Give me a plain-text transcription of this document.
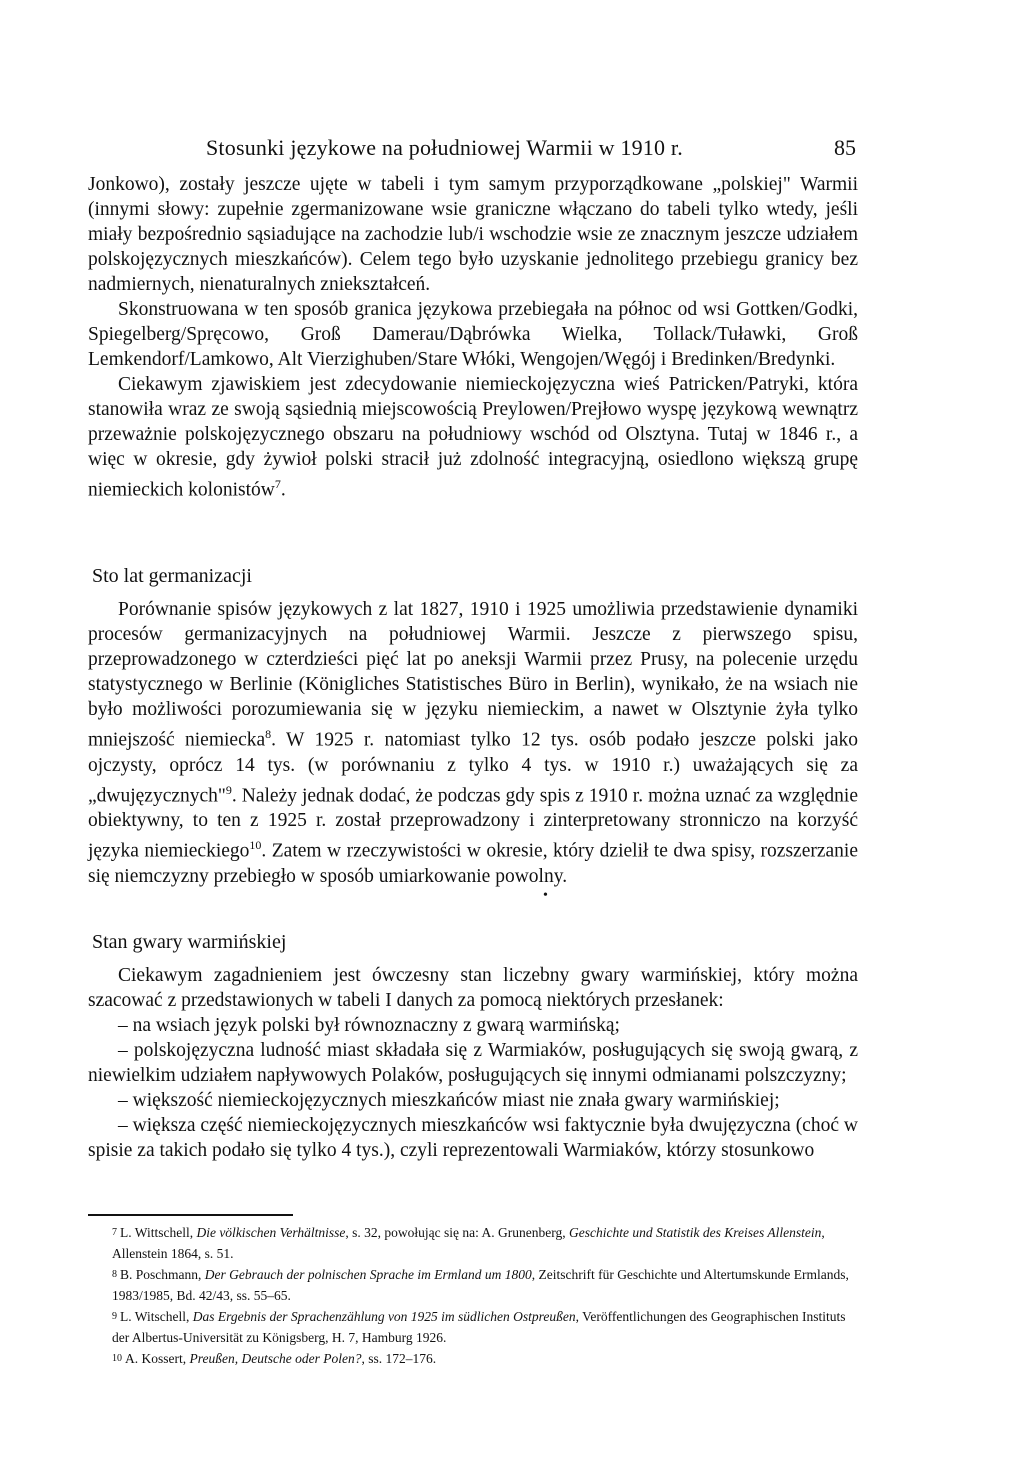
Stosunki językowe na południowej Warmii w 1910 r.	85

Jonkowo), zostały jeszcze ujęte w tabeli i tym samym przyporządkowane „polskiej" Warmii (innymi słowy: zupełnie zgermanizowane wsie graniczne włączano do tabeli tylko wtedy, jeśli miały bezpośrednio sąsiadujące na zachodzie lub/i wschodzie wsie ze znacznym jeszcze udziałem polskojęzycznych mieszkańców). Celem tego było uzyskanie jednolitego przebiegu granicy bez nadmiernych, nienaturalnych zniekształceń.

Skonstruowana w ten sposób granica językowa przebiegała na północ od wsi Gottken/Godki, Spiegelberg/Spręcowo, Groß Damerau/Dąbrówka Wielka, Tollack/Tuławki, Groß Lemkendorf/Lamkowo, Alt Vierzighuben/Stare Włóki, Wengojen/Węgój i Bredinken/Bredynki.

Ciekawym zjawiskiem jest zdecydowanie niemieckojęzyczna wieś Patricken/Patryki, która stanowiła wraz ze swoją sąsiednią miejscowością Preylowen/Prejłowo wyspę językową wewnątrz przeważnie polskojęzycznego obszaru na południowy wschód od Olsztyna. Tutaj w 1846 r., a więc w okresie, gdy żywioł polski stracił już zdolność integracyjną, osiedlono większą grupę niemieckich kolonistów$^7$.

Sto lat germanizacji

Porównanie spisów językowych z lat 1827, 1910 i 1925 umożliwia przedstawienie dynamiki procesów germanizacyjnych na południowej Warmii. Jeszcze z pierwszego spisu, przeprowadzonego w czterdzieści pięć lat po aneksji Warmii przez Prusy, na polecenie urzędu statystycznego w Berlinie (Königliches Statistisches Büro in Berlin), wynikało, że na wsiach nie było możliwości porozumiewania się w języku niemieckim, a nawet w Olsztynie żyła tylko mniejszość niemiecka$^8$. W 1925 r. natomiast tylko 12 tys. osób podało jeszcze polski jako ojczysty, oprócz 14 tys. (w porównaniu z tylko 4 tys. w 1910 r.) uważających się za „dwujęzycznych"$^9$. Należy jednak dodać, że podczas gdy spis z 1910 r. można uznać za względnie obiektywny, to ten z 1925 r. został przeprowadzony i zinterpretowany stronniczo na korzyść języka niemieckiego$^{10}$. Zatem w rzeczywistości w okresie, który dzielił te dwa spisy, rozszerzanie się niemczyzny przebiegło w sposób umiarkowanie powolny.

•
Stan gwary warmińskiej

Ciekawym zagadnieniem jest ówczesny stan liczebny gwary warmińskiej, który można szacować z przedstawionych w tabeli I danych za pomocą niektórych przesłanek:

– na wsiach język polski był równoznaczny z gwarą warmińską;

– polskojęzyczna ludność miast składała się z Warmiaków, posługujących się swoją gwarą, z niewielkim udziałem napływowych Polaków, posługujących się innymi odmianami polszczyzny;

– większość niemieckojęzycznych mieszkańców miast nie znała gwary warmińskiej;

– większa część niemieckojęzycznych mieszkańców wsi faktycznie była dwujęzyczna (choć w spisie za takich podało się tylko 4 tys.), czyli reprezentowali Warmiaków, którzy stosunkowo

$^7$ L. Wittschell, Die völkischen Verhältnisse, s. 32, powołując się na: A. Grunenberg, Geschichte und Statistik des Kreises Allenstein, Allenstein 1864, s. 51.

$^8$ B. Poschmann, Der Gebrauch der polnischen Sprache im Ermland um 1800, Zeitschrift für Geschichte und Altertumskunde Ermlands, 1983/1985, Bd. 42/43, ss. 55–65.

$^9$ L. Witschell, Das Ergebnis der Sprachenzählung von 1925 im südlichen Ostpreußen, Veröffentlichungen des Geographischen Instituts der Albertus-Universität zu Königsberg, H. 7, Hamburg 1926.

$^{10}$ A. Kossert, Preußen, Deutsche oder Polen?, ss. 172–176.
